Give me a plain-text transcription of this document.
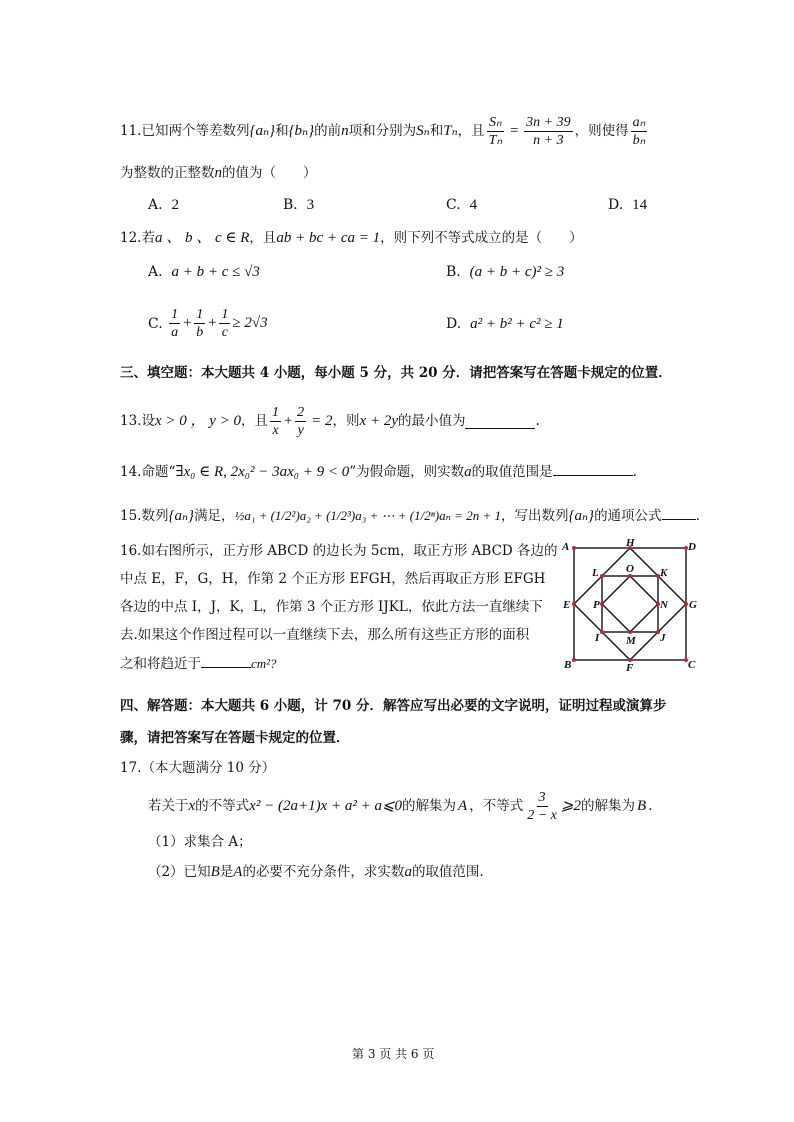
11.已知两个等差数列 {aₙ} 和 {bₙ} 的前 n 项和分别为 Sₙ 和 Tₙ ，且 $\frac{\text{Sₙ}}{\text{Tₙ}} = \frac{3n + 39}{n + 3}$ ，则使得 $\frac{\text{aₙ}}{\text{bₙ}}$
为整数的正整数n的值为（　　）
A. 2	B. 3	C. 4	D. 14
12.若a 、 b 、 c ∈ R，且ab + bc + ca = 1，则下列不等式成立的是（　　）
A. a + b + c ≤ √3	B. (a + b + c)² ≥ 3
C.
$\frac{1}{a} + \frac{1}{b} + \frac{1}{c} \ge 2√3$	D. a² + b² + c² ≥ 1
三、填空题：本大题共 4 小题，每小题 5 分，共 20 分．请把答案写在答题卡规定的位置．
13.设 x > 0 ， y > 0 ，且 $\frac{1}{x} + \frac{2}{y} = 2$ ，则 x + 2y 的最小值为	.
14.命题“∃x₀ ∈ R, 2x₀² − 3ax₀ + 9 < 0”为假命题，则实数a的取值范围是	.
15.数列{aₙ}满足，½a₁ + (1/2²)a₂ + (1/2³)a₃ + ⋯ + (1/2ⁿ)aₙ = 2n + 1，写出数列{aₙ}的通项公式	.
16.如右图所示，正方形 ABCD 的边长为 5cm，取正方形 ABCD 各边的
中点 E，F，G，H，作第 2 个正方形 EFGH，然后再取正方形 EFGH
各边的中点 I，J，K，L，作第 3 个正方形 IJKL，依此方法一直继续下
去.如果这个作图过程可以一直继续下去，那么所有这些正方形的面积
之和将趋近于	cm²?
A	H	D
L O K
E P	N G
I M J
B	F	C
四、解答题：本大题共 6 小题，计 70 分．解答应写出必要的文字说明，证明过程或演算步
骤，请把答案写在答题卡规定的位置．
17.（本大题满分 10 分）
若关于 x 的不等式 x² − (2a+1)x + a² + a⩽0 的解集为 A ，不等式 $\frac{3}{2 - x}$ ⩾2 的解集为 B .
（1）求集合 A；
（2）已知B是A的必要不充分条件，求实数a的取值范围.
第 3 页 共 6 页
